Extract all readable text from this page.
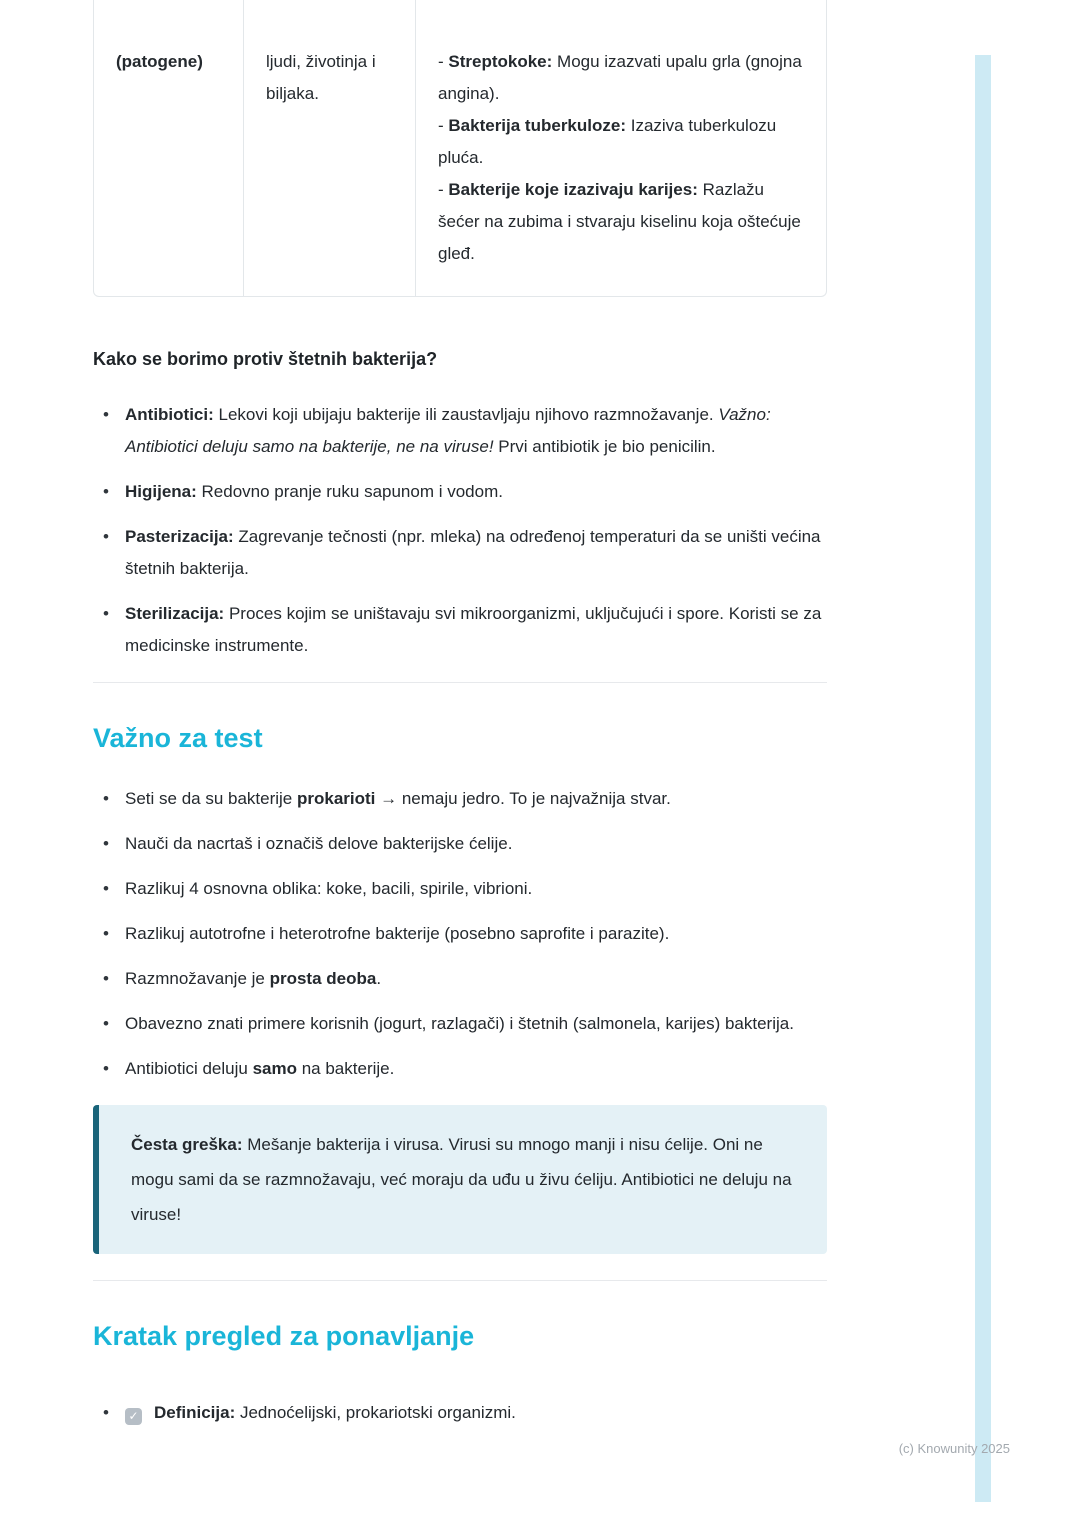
(patogene)	ljudi, životinja i biljaka.
- Streptokoke: Mogu izazvati upalu grla (gnojna angina).
- Bakterija tuberkuloze: Izaziva tuberkulozu pluća.
- Bakterije koje izazivaju karijes: Razlažu šećer na zubima i stvaraju kiselinu koja oštećuje gleđ.
Kako se borimo protiv štetnih bakterija?
• Antibiotici: Lekovi koji ubijaju bakterije ili zaustavljaju njihovo razmnožavanje. Važno: Antibiotici deluju samo na bakterije, ne na viruse! Prvi antibiotik je bio penicilin.
• Higijena: Redovno pranje ruku sapunom i vodom.
• Pasterizacija: Zagrevanje tečnosti (npr. mleka) na određenoj temperaturi da se uništi većina štetnih bakterija.
• Sterilizacija: Proces kojim se uništavaju svi mikroorganizmi, uključujući i spore. Koristi se za medicinske instrumente.
Važno za test
• Seti se da su bakterije prokarioti → nemaju jedro. To je najvažnija stvar.
• Nauči da nacrtaš i označiš delove bakterijske ćelije.
• Razlikuj 4 osnovna oblika: koke, bacili, spirile, vibrioni.
• Razlikuj autotrofne i heterotrofne bakterije (posebno saprofite i parazite).
• Razmnožavanje je prosta deoba.
• Obavezno znati primere korisnih (jogurt, razlagači) i štetnih (salmonela, karijes) bakterija.
• Antibiotici deluju samo na bakterije.
Česta greška: Mešanje bakterija i virusa. Virusi su mnogo manji i nisu ćelije. Oni ne mogu sami da se razmnožavaju, već moraju da uđu u živu ćeliju. Antibiotici ne deluju na viruse!
Kratak pregled za ponavljanje
• ✓ Definicija: Jednoćelijski, prokariotski organizmi.
(c) Knowunity 2025
